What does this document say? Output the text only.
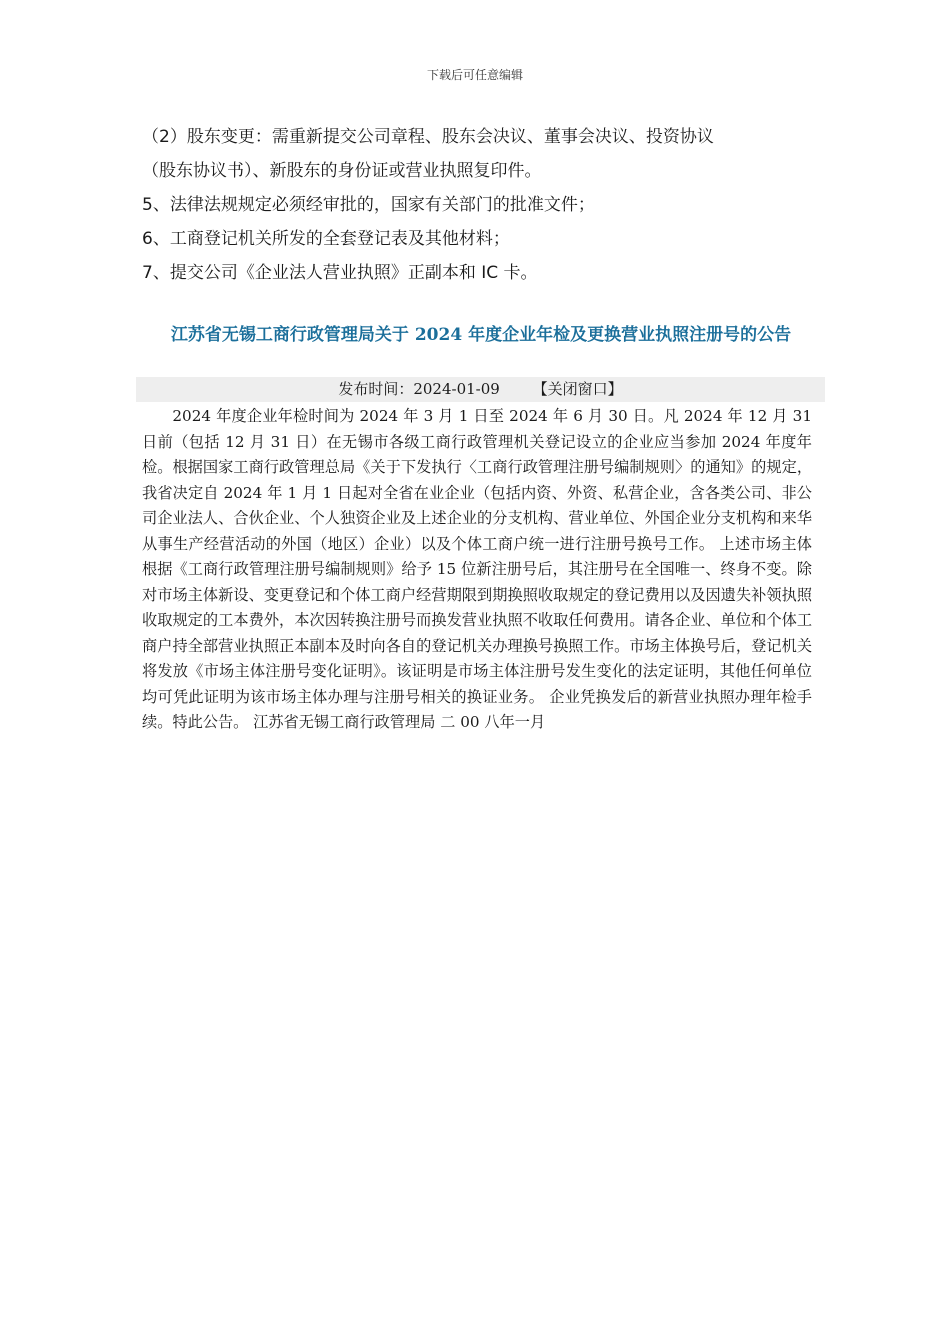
下载后可任意编辑
（2）股东变更：需重新提交公司章程、股东会决议、董事会决议、投资协议
（股东协议书）、新股东的身份证或营业执照复印件。
5、法律法规规定必须经审批的，国家有关部门的批准文件；
6、工商登记机关所发的全套登记表及其他材料；
7、提交公司《企业法人营业执照》正副本和 IC 卡。
江苏省无锡工商行政管理局关于 2024 年度企业年检及更换营业执照注册号的公告
发布时间：2024-01-09 【关闭窗口】
2024 年度企业年检时间为 2024 年 3 月 1 日至 2024 年 6 月 30 日。凡 2024 年 12 月 31 日前（包括 12 月 31 日）在无锡市各级工商行政管理机关登记设立的企业应当参加 2024 年度年检。根据国家工商行政管理总局《关于下发执行〈工商行政管理注册号编制规则〉的通知》的规定，我省决定自 2024 年 1 月 1 日起对全省在业企业（包括内资、外资、私营企业，含各类公司、非公司企业法人、合伙企业、个人独资企业及上述企业的分支机构、营业单位、外国企业分支机构和来华从事生产经营活动的外国（地区）企业）以及个体工商户统一进行注册号换号工作。 上述市场主体根据《工商行政管理注册号编制规则》给予 15 位新注册号后，其注册号在全国唯一、终身不变。除对市场主体新设、变更登记和个体工商户经营期限到期换照收取规定的登记费用以及因遗失补领执照收取规定的工本费外，本次因转换注册号而换发营业执照不收取任何费用。请各企业、单位和个体工商户持全部营业执照正本副本及时向各自的登记机关办理换号换照工作。市场主体换号后，登记机关将发放《市场主体注册号变化证明》。该证明是市场主体注册号发生变化的法定证明，其他任何单位均可凭此证明为该市场主体办理与注册号相关的换证业务。 企业凭换发后的新营业执照办理年检手续。特此公告。 江苏省无锡工商行政管理局 二 00 八年一月
